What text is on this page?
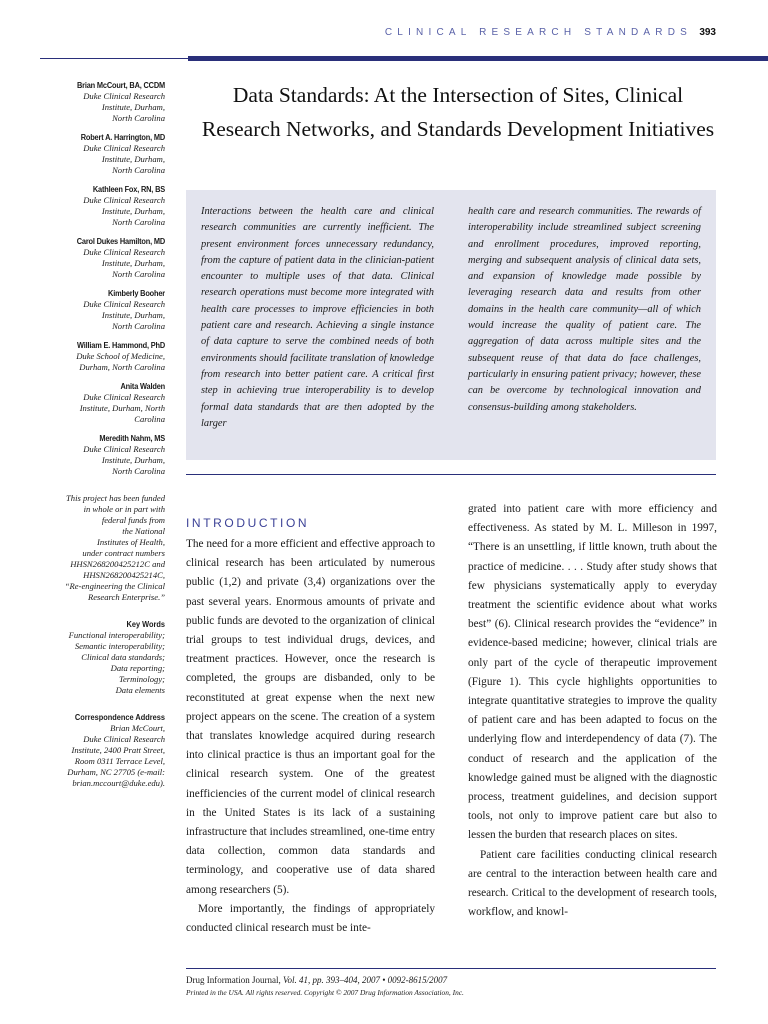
CLINICAL RESEARCH STANDARDS 393
Brian McCourt, BA, CCDM
Duke Clinical Research
Institute, Durham,
North Carolina
Robert A. Harrington, MD
Duke Clinical Research
Institute, Durham,
North Carolina
Kathleen Fox, RN, BS
Duke Clinical Research
Institute, Durham,
North Carolina
Carol Dukes Hamilton, MD
Duke Clinical Research
Institute, Durham,
North Carolina
Kimberly Booher
Duke Clinical Research
Institute, Durham,
North Carolina
William E. Hammond, PhD
Duke School of Medicine,
Durham, North Carolina
Anita Walden
Duke Clinical Research
Institute, Durham, North
Carolina
Meredith Nahm, MS
Duke Clinical Research
Institute, Durham,
North Carolina
This project has been funded
in whole or in part with
federal funds from
the National
Institutes of Health,
under contract numbers
HHSN268200425212C and
HHSN268200425214C,
“Re-engineering the Clinical
Research Enterprise.”
Key Words
Functional interoperability;
Semantic interoperability;
Clinical data standards;
Data reporting;
Terminology;
Data elements
Correspondence Address
Brian McCourt,
Duke Clinical Research
Institute, 2400 Pratt Street,
Room 0311 Terrace Level,
Durham, NC 27705 (e-mail:
brian.mccourt@duke.edu).
Data Standards: At the Intersection of Sites, Clinical Research Networks, and Standards Development Initiatives
Interactions between the health care and clinical research communities are currently inefficient. The present environment forces unnecessary redundancy, from the capture of patient data in the clinician-patient encounter to multiple uses of that data. Clinical research operations must become more integrated with health care processes to improve efficiencies in both patient care and research. Achieving a single instance of data capture to serve the combined needs of both environments should facilitate translation of knowledge from research into better patient care. A critical first step in achieving true interoperability is to develop formal data standards that are then adopted by the larger
health care and research communities. The rewards of interoperability include streamlined subject screening and enrollment procedures, improved reporting, merging and subsequent analysis of clinical data sets, and expansion of knowledge made possible by leveraging research data and results from other domains in the health care community—all of which would increase the quality of patient care. The aggregation of data across multiple sites and the subsequent reuse of that data do face challenges, particularly in ensuring patient privacy; however, these can be overcome by technological innovation and consensus-building among stakeholders.
INTRODUCTION

The need for a more efficient and effective approach to clinical research has been articulated by numerous public (1,2) and private (3,4) organizations over the past several years. Enormous amounts of private and public funds are devoted to the organization of clinical trial groups to test individual drugs, devices, and treatment practices. However, once the research is completed, the groups are disbanded, only to be reconstituted at great expense when the next new project appears on the scene. The creation of a system that translates knowledge acquired during research into clinical practice is thus an important goal for the clinical research system. One of the greatest inefficiencies of the current model of clinical research in the United States is its lack of a sustaining infrastructure that includes streamlined, one-time entry data collection, common data standards and terminology, and cooperative use of data shared among researchers (5).

More importantly, the findings of appropriately conducted clinical research must be inte-

grated into patient care with more efficiency and effectiveness. As stated by M. L. Milleson in 1997, “There is an unsettling, if little known, truth about the practice of medicine. . . . Study after study shows that few physicians systematically apply to everyday treatment the scientific evidence about what works best” (6). Clinical research provides the “evidence” in evidence-based medicine; however, clinical trials are only part of the cycle of therapeutic improvement (Figure 1). This cycle highlights opportunities to integrate quantitative strategies to improve the quality of patient care and has been adapted to focus on the underlying flow and interdependency of data (7). The conduct of research and the application of the knowledge gained must be aligned with the diagnostic process, treatment guidelines, and decision support tools, not only to improve patient care but also to lessen the burden that research places on sites.

Patient care facilities conducting clinical research are central to the interaction between health care and research. Critical to the development of research tools, workflow, and knowl-

Drug Information Journal, Vol. 41, pp. 393–404, 2007 • 0092-8615/2007
Printed in the USA. All rights reserved. Copyright © 2007 Drug Information Association, Inc.
